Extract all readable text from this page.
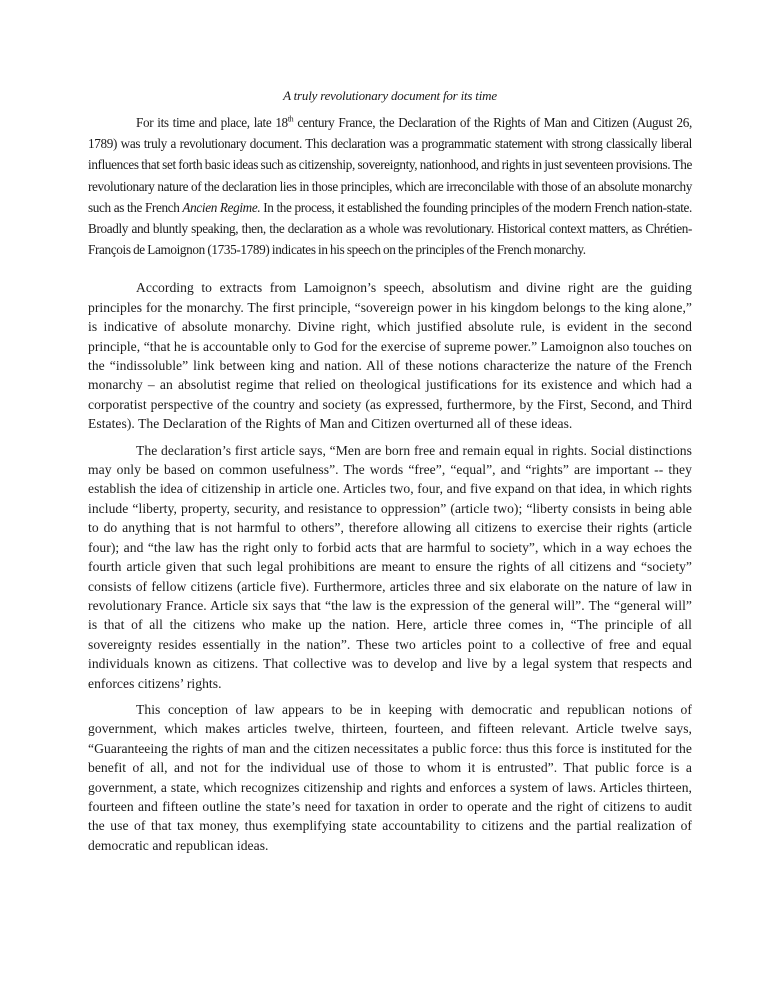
A truly revolutionary document for its time

For its time and place, late 18th century France, the Declaration of the Rights of Man and Citizen (August 26, 1789) was truly a revolutionary document. This declaration was a programmatic statement with strong classically liberal influences that set forth basic ideas such as citizenship, sovereignty, nationhood, and rights in just seventeen provisions. The revolutionary nature of the declaration lies in those principles, which are irreconcilable with those of an absolute monarchy such as the French Ancien Regime. In the process, it established the founding principles of the modern French nation-state. Broadly and bluntly speaking, then, the declaration as a whole was revolutionary. Historical context matters, as Chrétien-François de Lamoignon (1735-1789) indicates in his speech on the principles of the French monarchy.

According to extracts from Lamoignon’s speech, absolutism and divine right are the guiding principles for the monarchy. The first principle, “sovereign power in his kingdom belongs to the king alone,” is indicative of absolute monarchy. Divine right, which justified absolute rule, is evident in the second principle, “that he is accountable only to God for the exercise of supreme power.” Lamoignon also touches on the “indissoluble” link between king and nation. All of these notions characterize the nature of the French monarchy – an absolutist regime that relied on theological justifications for its existence and which had a corporatist perspective of the country and society (as expressed, furthermore, by the First, Second, and Third Estates). The Declaration of the Rights of Man and Citizen overturned all of these ideas.

The declaration’s first article says, “Men are born free and remain equal in rights. Social distinctions may only be based on common usefulness”. The words “free”, “equal”, and “rights” are important -- they establish the idea of citizenship in article one. Articles two, four, and five expand on that idea, in which rights include “liberty, property, security, and resistance to oppression” (article two); “liberty consists in being able to do anything that is not harmful to others”, therefore allowing all citizens to exercise their rights (article four); and “the law has the right only to forbid acts that are harmful to society”, which in a way echoes the fourth article given that such legal prohibitions are meant to ensure the rights of all citizens and “society” consists of fellow citizens (article five). Furthermore, articles three and six elaborate on the nature of law in revolutionary France. Article six says that “the law is the expression of the general will”. The “general will” is that of all the citizens who make up the nation. Here, article three comes in, “The principle of all sovereignty resides essentially in the nation”. These two articles point to a collective of free and equal individuals known as citizens. That collective was to develop and live by a legal system that respects and enforces citizens’ rights.

This conception of law appears to be in keeping with democratic and republican notions of government, which makes articles twelve, thirteen, fourteen, and fifteen relevant. Article twelve says, “Guaranteeing the rights of man and the citizen necessitates a public force: thus this force is instituted for the benefit of all, and not for the individual use of those to whom it is entrusted”. That public force is a government, a state, which recognizes citizenship and rights and enforces a system of laws. Articles thirteen, fourteen and fifteen outline the state’s need for taxation in order to operate and the right of citizens to audit the use of that tax money, thus exemplifying state accountability to citizens and the partial realization of democratic and republican ideas.
